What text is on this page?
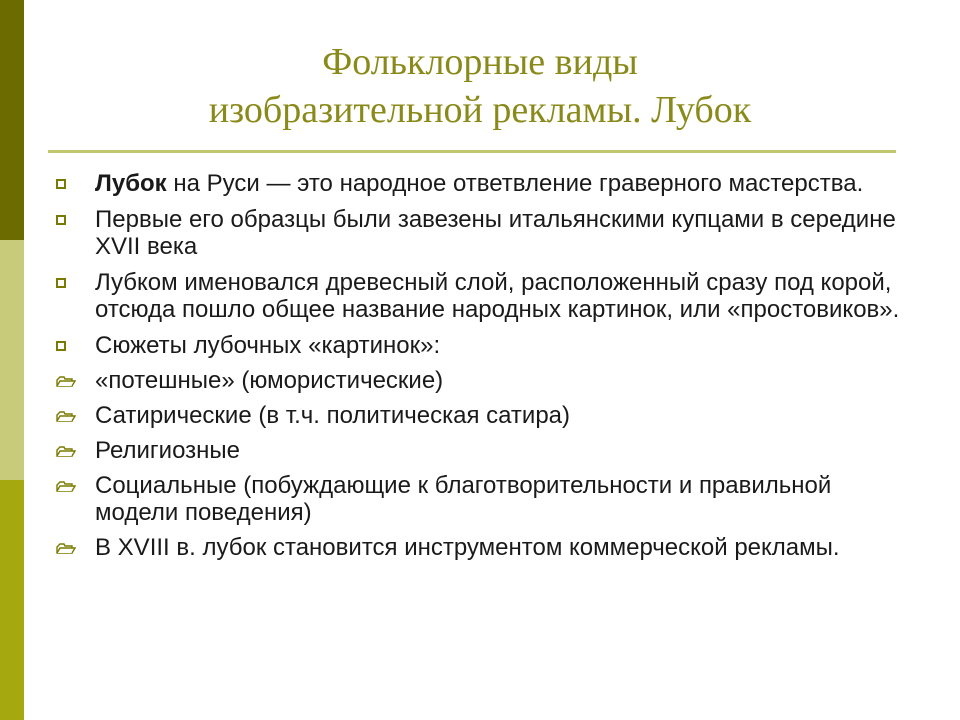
Фольклорные виды
изобразительной рекламы. Лубок
Лубок на Руси — это народное ответвление граверного мастерства.
Первые его образцы были завезены итальянскими купцами в середине XVII века
Лубком именовался древесный слой, расположенный сразу под корой, отсюда пошло общее название народных картинок, или «простовиков».
Сюжеты лубочных «картинок»:
«потешные» (юмористические)
Сатирические (в т.ч. политическая сатира)
Религиозные
Социальные (побуждающие к благотворительности и правильной модели поведения)
В XVIII в. лубок становится инструментом коммерческой рекламы.
